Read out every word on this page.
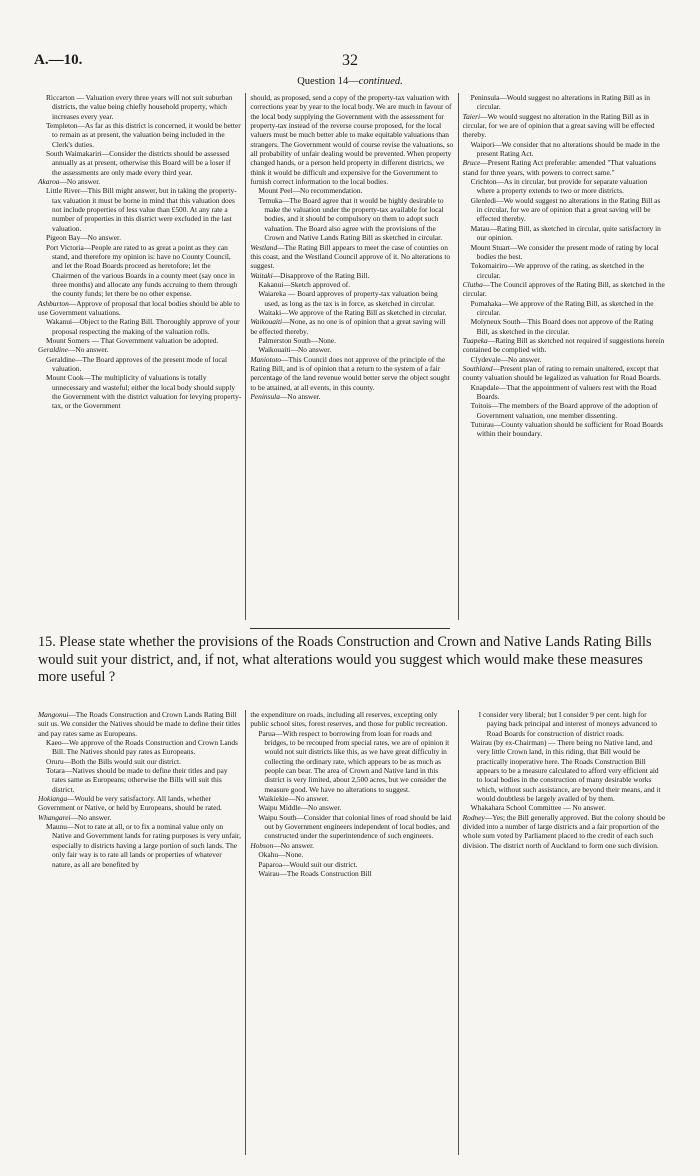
A.—10.	32
Question 14—continued.

Riccarton — Valuation every three years will not suit suburban districts, the value being chiefly household property, which increases every year.

Templeton—As far as this district is concerned, it would be better to remain as at present, the valuation being included in the Clerk's duties.

South Waimakariri—Consider the districts should be assessed annually as at present, otherwise this Board will be a loser if the assessments are only made every third year.

Akaroa—No answer.

Little River—This Bill might answer, but in taking the property-tax valuation it must be borne in mind that this valuation does not include properties of less value than £500. At any rate a number of properties in this district were excluded in the last valuation.

Pigeon Bay—No answer.

Port Victoria—People are rated to as great a point as they can stand, and therefore my opinion is: have no County Council, and let the Road Boards proceed as heretofore; let the Chairmen of the various Boards in a county meet (say once in three months) and allocate any funds accruing to them through the county funds; let there be no other expense.

Ashburton—Approve of proposal that local bodies should be able to use Government valuations.

Wakanui—Object to the Rating Bill. Thoroughly approve of your proposal respecting the making of the valuation rolls.

Mount Somers — That Government valuation be adopted.

Geraldine—No answer.

Geraldine—The Board approves of the present mode of local valuation.

Mount Cook—The multiplicity of valuations is totally unnecessary and wasteful; either the local body should supply the Government with the district valuation for levying property-tax, or the Government

should, as proposed, send a copy of the property-tax valuation with corrections year by year to the local body. We are much in favour of the local body supplying the Government with the assessment for property-tax instead of the reverse course proposed, for the local valuers must be much better able to make equitable valuations than strangers. The Government would of course revise the valuations, so all probability of unfair dealing would be prevented. When property changed hands, or a person held property in different districts, we think it would be difficult and expensive for the Government to furnish correct information to the local bodies.

Mount Peel—No recommendation.

Temuka—The Board agree that it would be highly desirable to make the valuation under the property-tax available for local bodies, and it should be compulsory on them to adopt such valuation. The Board also agree with the provisions of the Crown and Native Lands Rating Bill as sketched in circular.

Westland—The Rating Bill appears to meet the case of counties on this coast, and the Westland Council approve of it. No alterations to suggest.

Waitaki—Disapprove of the Rating Bill.

Kakanui—Sketch approved of.

Waiareka — Board approves of property-tax valuation being used, as long as the tax is in force, as sketched in circular.

Waitaki—We approve of the Rating Bill as sketched in circular.

Waikouaiti—None, as no one is of opinion that a great saving will be effected thereby.

Palmerston South—None.

Waikouaiti—No answer.

Maniototo—This Council does not approve of the principle of the Rating Bill, and is of opinion that a return to the system of a fair percentage of the land revenue would better serve the object sought to be attained, at all events, in this county.

Peninsula—No answer.

Peninsula—Would suggest no alterations in Rating Bill as in circular.

Taieri—We would suggest no alteration in the Rating Bill as in circular, for we are of opinion that a great saving will be effected thereby.

Waipori—We consider that no alterations should be made in the present Rating Act.

Bruce—Present Rating Act preferable: amended "That valuations stand for three years, with powers to correct same."

Crichton—As in circular, but provide for separate valuation where a property extends to two or more districts.

Glenledi—We would suggest no alterations in the Rating Bill as in circular, for we are of opinion that a great saving will be effected thereby.

Matau—Rating Bill, as sketched in circular, quite satisfactory in our opinion.

Mount Stuart—We consider the present mode of rating by local bodies the best.

Tokomairiro—We approve of the rating, as sketched in the circular.

Clutha—The Council approves of the Rating Bill, as sketched in the circular.

Pomahaka—We approve of the Rating Bill, as sketched in the circular.

Molyneux South—This Board does not approve of the Rating Bill, as sketched in the circular.

Tuapeka—Rating Bill as sketched not required if suggestions herein contained be complied with.

Clydevale—No answer.

Southland—Present plan of rating to remain unaltered, except that county valuation should be legalized as valuation for Road Boards.

Knapdale—That the appointment of valuers rest with the Road Boards.

Toitois—The members of the Board approve of the adoption of Government valuation, one member dissenting.

Tuturau—County valuation should be sufficient for Road Boards within their boundary.

15. Please state whether the provisions of the Roads Construction and Crown and Native Lands Rating Bills would suit your district, and, if not, what alterations would you suggest which would make these measures more useful ?

Mangonui—The Roads Construction and Crown Lands Rating Bill suit us. We consider the Natives should be made to define their titles and pay rates same as Europeans.

Kaeo—We approve of the Roads Construction and Crown Lands Bill. The Natives should pay rates as Europeans.

Oruru—Both the Bills would suit our district.

Totara—Natives should be made to define their titles and pay rates same as Europeans; otherwise the Bills will suit this district.

Hokianga—Would be very satisfactory. All lands, whether Government or Native, or held by Europeans, should be rated.

Whangarei—No answer.

Maunu—Not to rate at all, or to fix a nominal value only on Native and Government lands for rating purposes is very unfair, especially to districts having a large portion of such lands. The only fair way is to rate all lands or properties of whatever nature, as all are benefited by

the expenditure on roads, including all reserves, excepting only public school sites, forest reserves, and those for public recreation.

Parua—With respect to borrowing from loan for roads and bridges, to be recouped from special rates, we are of opinion it would not suit districts like this, as we have great difficulty in collecting the ordinary rate, which appears to be as much as people can bear. The area of Crown and Native land in this district is very limited, about 2,500 acres, but we consider the measure good. We have no alterations to suggest.

Waikiekie—No answer.

Waipu Middle—No answer.

Waipu South—Consider that colonial lines of road should be laid out by Government engineers independent of local bodies, and constructed under the superintendence of such engineers.

Hobson—No answer.

Okahu—None.

Paparoa—Would suit our district.

Wairau—The Roads Construction Bill

I consider very liberal; but I consider 9 per cent. high for paying back principal and interest of moneys advanced to Road Boards for construction of district roads.

Wairau (by ex-Chairman) — There being no Native land, and very little Crown land, in this riding, that Bill would be practically inoperative here. The Roads Construction Bill appears to be a measure calculated to afford very efficient aid to local bodies in the construction of many desirable works which, without such assistance, are beyond their means, and it would doubtless be largely availed of by them.

Whakahara School Committee — No answer.

Rodney—Yes; the Bill generally approved. But the colony should be divided into a number of large districts and a fair proportion of the whole sum voted by Parliament placed to the credit of each such division. The district north of Auckland to form one such division.
